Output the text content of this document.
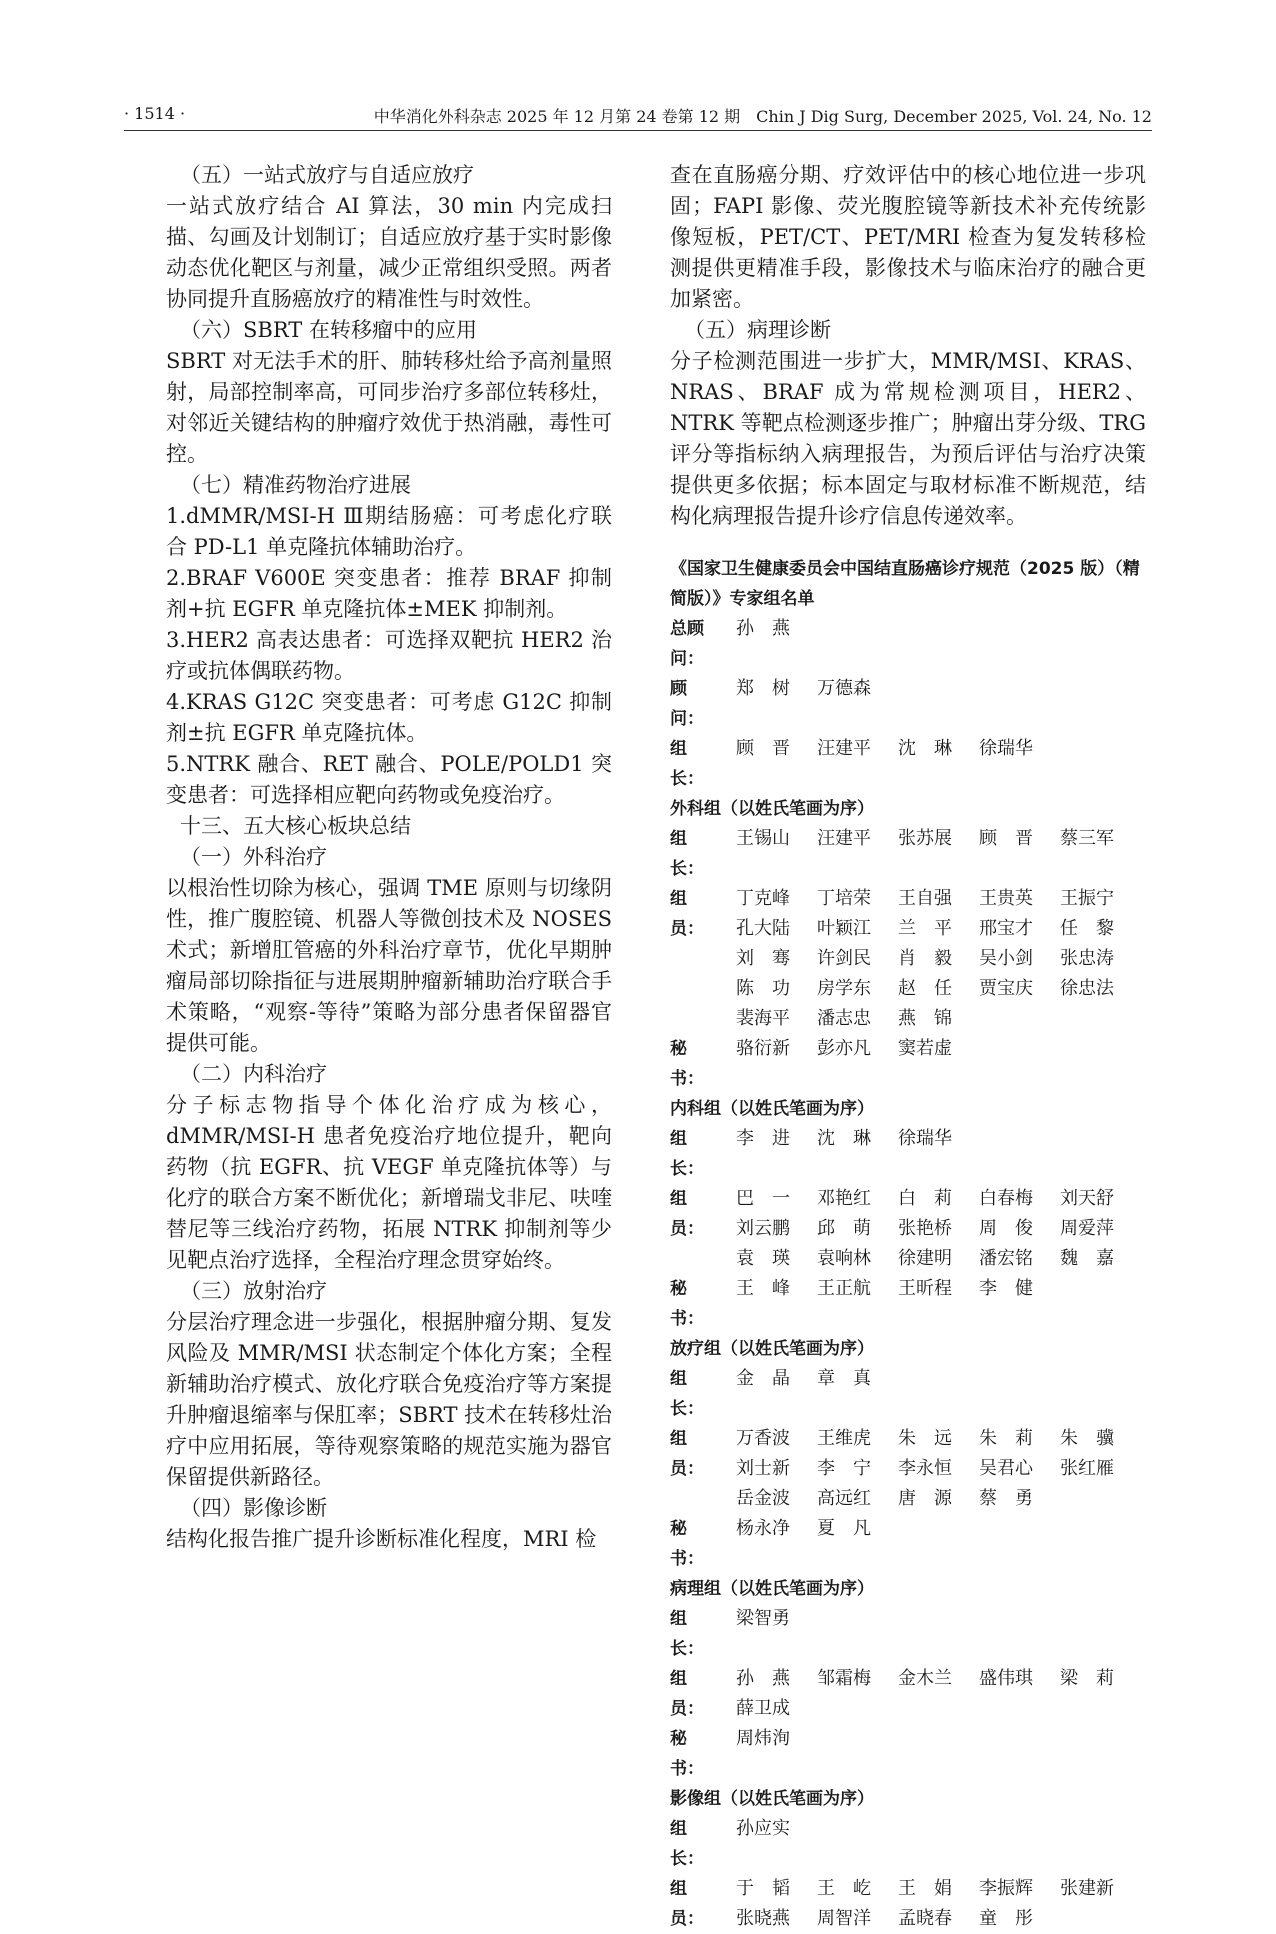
· 1514 ·	中华消化外科杂志 2025 年 12 月第 24 卷第 12 期　Chin J Dig Surg, December 2025, Vol. 24, No. 12

（五）一站式放疗与自适应放疗

一站式放疗结合 AI 算法，30 min 内完成扫描、勾画及计划制订；自适应放疗基于实时影像动态优化靶区与剂量，减少正常组织受照。两者协同提升直肠癌放疗的精准性与时效性。

（六）SBRT 在转移瘤中的应用

SBRT 对无法手术的肝、肺转移灶给予高剂量照射，局部控制率高，可同步治疗多部位转移灶，对邻近关键结构的肿瘤疗效优于热消融，毒性可控。

（七）精准药物治疗进展

1.dMMR/MSI-H Ⅲ期结肠癌：可考虑化疗联合 PD-L1 单克隆抗体辅助治疗。

2.BRAF V600E 突变患者：推荐 BRAF 抑制剂+抗 EGFR 单克隆抗体±MEK 抑制剂。

3.HER2 高表达患者：可选择双靶抗 HER2 治疗或抗体偶联药物。

4.KRAS G12C 突变患者：可考虑 G12C 抑制剂±抗 EGFR 单克隆抗体。

5.NTRK 融合、RET 融合、POLE/POLD1 突变患者：可选择相应靶向药物或免疫治疗。

十三、五大核心板块总结

（一）外科治疗

以根治性切除为核心，强调 TME 原则与切缘阴性，推广腹腔镜、机器人等微创技术及 NOSES 术式；新增肛管癌的外科治疗章节，优化早期肿瘤局部切除指征与进展期肿瘤新辅助治疗联合手术策略，“观察-等待”策略为部分患者保留器官提供可能。

（二）内科治疗

分子标志物指导个体化治疗成为核心，dMMR/MSI-H 患者免疫治疗地位提升，靶向药物（抗 EGFR、抗 VEGF 单克隆抗体等）与化疗的联合方案不断优化；新增瑞戈非尼、呋喹替尼等三线治疗药物，拓展 NTRK 抑制剂等少见靶点治疗选择，全程治疗理念贯穿始终。

（三）放射治疗

分层治疗理念进一步强化，根据肿瘤分期、复发风险及 MMR/MSI 状态制定个体化方案；全程新辅助治疗模式、放化疗联合免疫治疗等方案提升肿瘤退缩率与保肛率；SBRT 技术在转移灶治疗中应用拓展，等待观察策略的规范实施为器官保留提供新路径。

（四）影像诊断

结构化报告推广提升诊断标准化程度，MRI 检

查在直肠癌分期、疗效评估中的核心地位进一步巩固；FAPI 影像、荧光腹腔镜等新技术补充传统影像短板，PET/CT、PET/MRI 检查为复发转移检测提供更精准手段，影像技术与临床治疗的融合更加紧密。

（五）病理诊断

分子检测范围进一步扩大，MMR/MSI、KRAS、NRAS、BRAF 成为常规检测项目，HER2、NTRK 等靶点检测逐步推广；肿瘤出芽分级、TRG 评分等指标纳入病理报告，为预后评估与治疗决策提供更多依据；标本固定与取材标准不断规范，结构化病理报告提升诊疗信息传递效率。

《国家卫生健康委员会中国结直肠癌诊疗规范（2025 版）（精简版）》专家组名单

总顾问：
孙　燕
顾　问：
郑　树	万德森
组　长：
顾　晋	汪建平	沈　琳	徐瑞华

外科组（以姓氏笔画为序）

组　长：
王锡山	汪建平	张苏展	顾　晋	蔡三军
组　员：
丁克峰	丁培荣	王自强	王贵英	王振宁
孔大陆	叶颖江	兰　平	邢宝才	任　黎
刘　骞	许剑民	肖　毅	吴小剑	张忠涛
陈　功	房学东	赵　任	贾宝庆	徐忠法
裴海平	潘志忠	燕　锦
秘　书：
骆衍新	彭亦凡	窦若虚

内科组（以姓氏笔画为序）

组　长：
李　进	沈　琳	徐瑞华
组　员：
巴　一	邓艳红	白　莉	白春梅	刘天舒
刘云鹏	邱　萌	张艳桥	周　俊	周爱萍
袁　瑛	袁响林	徐建明	潘宏铭	魏　嘉
秘　书：
王　峰	王正航	王昕程	李　健

放疗组（以姓氏笔画为序）

组　长：
金　晶	章　真
组　员：
万香波	王维虎	朱　远	朱　莉	朱　骥
刘士新	李　宁	李永恒	吴君心	张红雁
岳金波	高远红	唐　源	蔡　勇
秘　书：
杨永净	夏　凡

病理组（以姓氏笔画为序）

组　长：
梁智勇
组　员：
孙　燕	邹霜梅	金木兰	盛伟琪	梁　莉
薛卫成
秘　书：
周炜洵

影像组（以姓氏笔画为序）

组　长：
孙应实
组　员：
于　韬	王　屹	王　娟	李振辉	张建新
张晓燕	周智洋	孟晓春	童　彤
